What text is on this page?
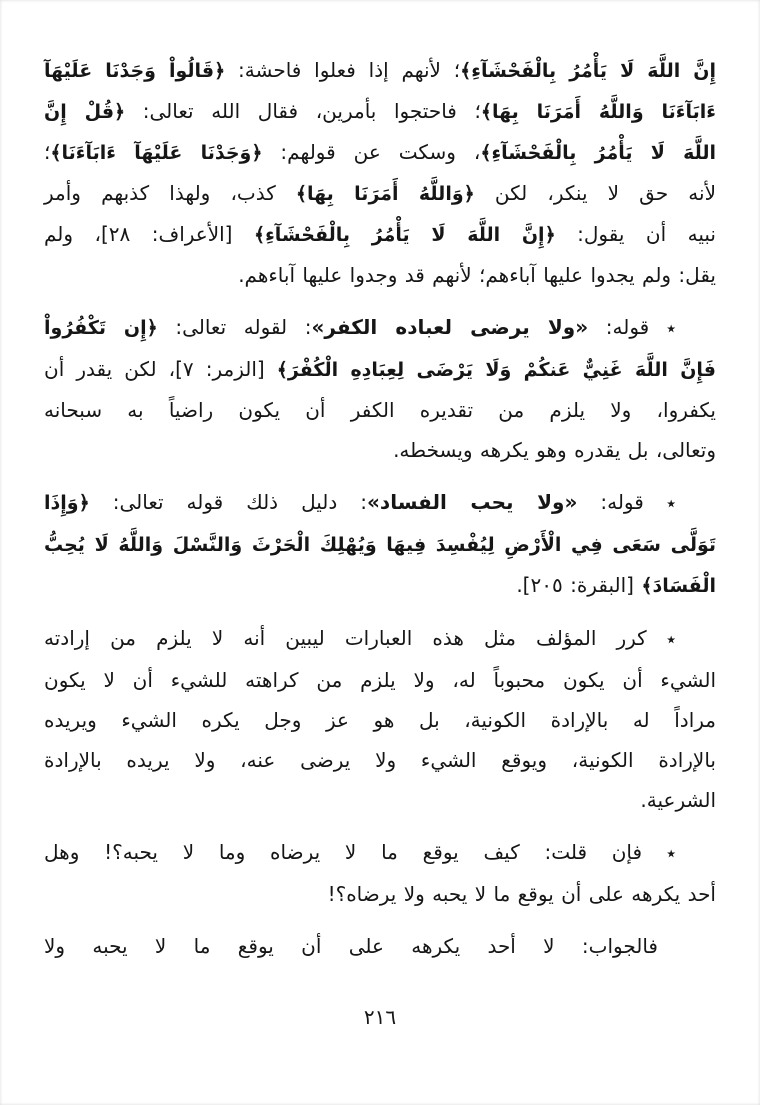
إِنَّ اللَّهَ لَا يَأْمُرُ بِالْفَحْشَآءِ﴾؛ لأنهم إذا فعلوا فاحشة: ﴿قَالُواْ وَجَدْنَا عَلَيْهَآ
ءَابَآءَنَا وَاللَّهُ أَمَرَنَا بِهَا﴾؛ فاحتجوا بأمرين، فقال الله تعالى: ﴿قُلْ إِنَّ
اللَّهَ لَا يَأْمُرُ بِالْفَحْشَآءِ﴾، وسكت عن قولهم: ﴿وَجَدْنَا عَلَيْهَآ ءَابَآءَنَا﴾؛
لأنه حق لا ينكر، لكن ﴿وَاللَّهُ أَمَرَنَا بِهَا﴾ كذب، ولهذا كذبهم وأمر
نبيه أن يقول: ﴿إِنَّ اللَّهَ لَا يَأْمُرُ بِالْفَحْشَآءِ﴾ [الأعراف: ٢٨]، ولم
يقل: ولم يجدوا عليها آباءهم؛ لأنهم قد وجدوا عليها آباءهم.
٭ قوله: «ولا يرضى لعباده الكفر»: لقوله تعالى: ﴿إِن تَكْفُرُواْ
فَإِنَّ اللَّهَ غَنِيٌّ عَنكُمْ وَلَا يَرْضَى لِعِبَادِهِ الْكُفْرَ﴾ [الزمر: ٧]، لكن يقدر أن
يكفروا، ولا يلزم من تقديره الكفر أن يكون راضياً به سبحانه
وتعالى، بل يقدره وهو يكرهه ويسخطه.
٭ قوله: «ولا يحب الفساد»: دليل ذلك قوله تعالى: ﴿وَإِذَا
تَوَلَّى سَعَى فِي الْأَرْضِ لِيُفْسِدَ فِيهَا وَيُهْلِكَ الْحَرْثَ وَالنَّسْلَ وَاللَّهُ لَا يُحِبُّ
الْفَسَادَ﴾ [البقرة: ٢٠٥].
٭ كرر المؤلف مثل هذه العبارات ليبين أنه لا يلزم من إرادته
الشيء أن يكون محبوباً له، ولا يلزم من كراهته للشيء أن لا يكون
مراداً له بالإرادة الكونية، بل هو عز وجل يكره الشيء ويريده
بالإرادة الكونية، ويوقع الشيء ولا يرضى عنه، ولا يريده بالإرادة
الشرعية.
٭ فإن قلت: كيف يوقع ما لا يرضاه وما لا يحبه؟! وهل
أحد يكرهه على أن يوقع ما لا يحبه ولا يرضاه؟!
فالجواب: لا أحد يكرهه على أن يوقع ما لا يحبه ولا
٢١٦
